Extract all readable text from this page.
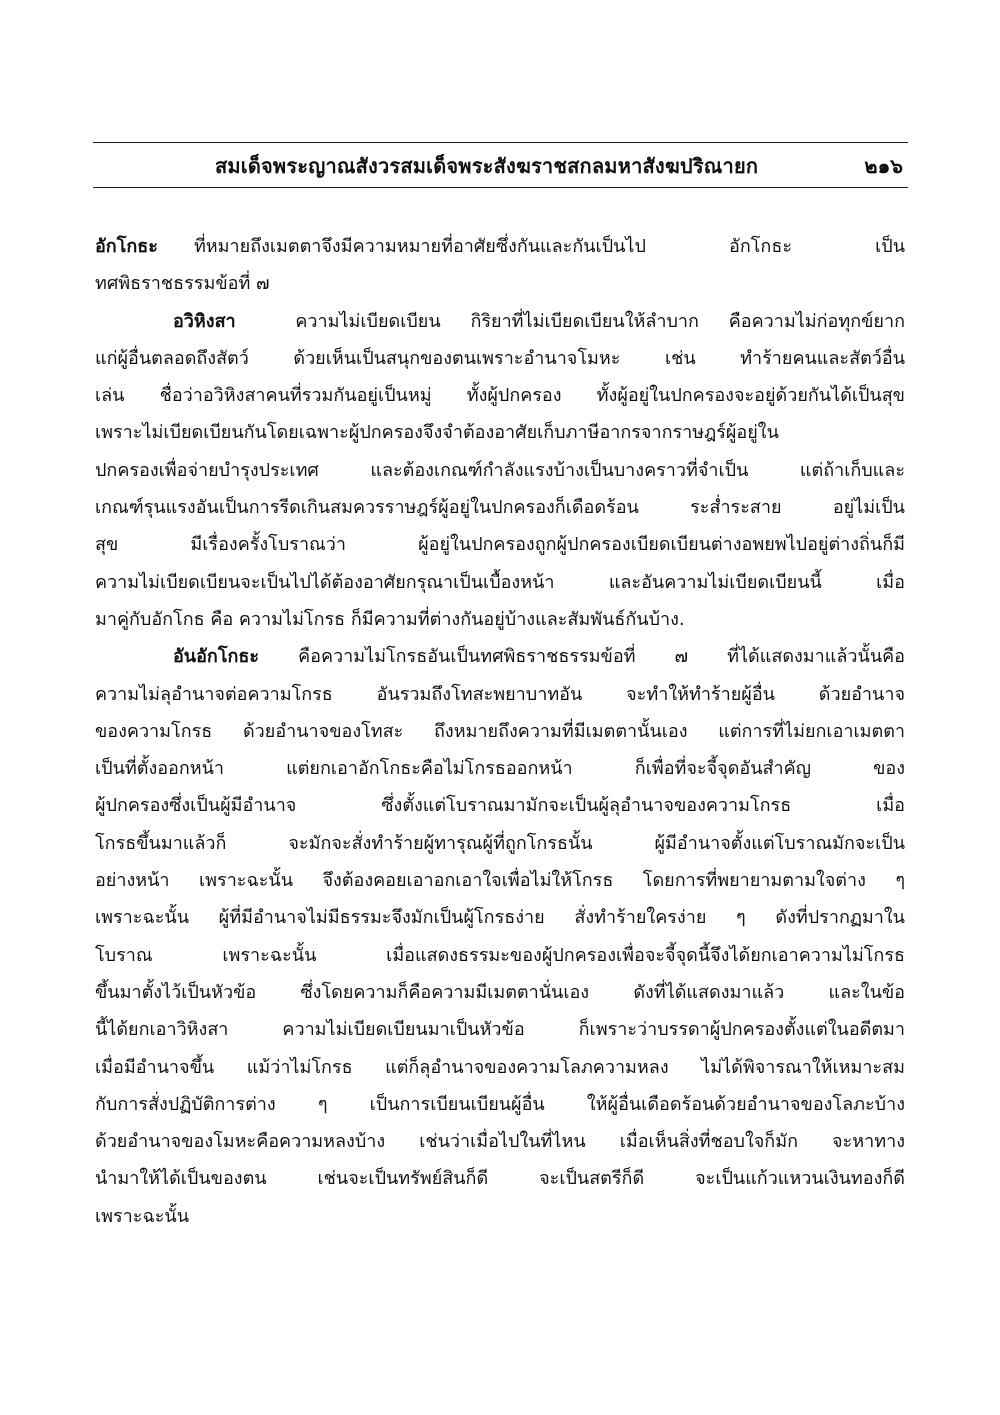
สมเด็จพระญาณสังวรสมเด็จพระสังฆราชสกลมหาสังฆปริณายก	๒๑๖
อักโกธะ ที่หมายถึงเมตตาจึงมีความหมายที่อาศัยซึ่งกันและกันเป็นไป อักโกธะ เป็น
ทศพิธราชธรรมข้อที่ ๗
อวิหิงสา	ความไม่เบียดเบียน กิริยาที่ไม่เบียดเบียนให้ลำบาก คือความไม่ก่อทุกข์ยาก
แก่ผู้อื่นตลอดถึงสัตว์ ด้วยเห็นเป็นสนุกของตนเพราะอำนาจโมหะ เช่น ทำร้ายคนและสัตว์อื่น
เล่น ชื่อว่าอวิหิงสาคนที่รวมกันอยู่เป็นหมู่ ทั้งผู้ปกครอง ทั้งผู้อยู่ในปกครองจะอยู่ด้วยกันได้เป็นสุข
เพราะไม่เบียดเบียนกันโดยเฉพาะผู้ปกครองจึงจำต้องอาศัยเก็บภาษีอากรจากราษฎร์ผู้อยู่ใน
ปกครองเพื่อจ่ายบำรุงประเทศ และต้องเกณฑ์กำลังแรงบ้างเป็นบางคราวที่จำเป็น แต่ถ้าเก็บและ
เกณฑ์รุนแรงอันเป็นการรีดเกินสมควรราษฎร์ผู้อยู่ในปกครองก็เดือดร้อน ระส่ำระสาย อยู่ไม่เป็น
สุข มีเรื่องครั้งโบราณว่า ผู้อยู่ในปกครองถูกผู้ปกครองเบียดเบียนต่างอพยพไปอยู่ต่างถิ่นก็มี
ความไม่เบียดเบียนจะเป็นไปได้ต้องอาศัยกรุณาเป็นเบื้องหน้า และอันความไม่เบียดเบียนนี้ เมื่อ
มาคู่กับอักโกธ คือ ความไม่โกรธ ก็มีความที่ต่างกันอยู่บ้างและสัมพันธ์กันบ้าง.
อันอักโกธะ คือความไม่โกรธอันเป็นทศพิธราชธรรมข้อที่ ๗ ที่ได้แสดงมาแล้วนั้นคือ
ความไม่ลุอำนาจต่อความโกรธ อันรวมถึงโทสะพยาบาทอัน จะทำให้ทำร้ายผู้อื่น ด้วยอำนาจ
ของความโกรธ ด้วยอำนาจของโทสะ ถึงหมายถึงความที่มีเมตตานั้นเอง แต่การที่ไม่ยกเอาเมตตา
เป็นที่ตั้งออกหน้า แต่ยกเอาอักโกธะคือไม่โกรธออกหน้า ก็เพื่อที่จะจี้จุดอันสำคัญ ของ
ผู้ปกครองซึ่งเป็นผู้มีอำนาจ ซึ่งตั้งแต่โบราณมามักจะเป็นผู้ลุอำนาจของความโกรธ เมื่อ
โกรธขึ้นมาแล้วก็ จะมักจะสั่งทำร้ายผู้ทารุณผู้ที่ถูกโกรธนั้น ผู้มีอำนาจตั้งแต่โบราณมักจะเป็น
อย่างหน้า เพราะฉะนั้น จึงต้องคอยเอาอกเอาใจเพื่อไม่ให้โกรธ โดยการที่พยายามตามใจต่าง ๆ
เพราะฉะนั้น ผู้ที่มีอำนาจไม่มีธรรมะจึงมักเป็นผู้โกรธง่าย สั่งทำร้ายใครง่าย ๆ ดังที่ปรากฏมาใน
โบราณ เพราะฉะนั้น เมื่อแสดงธรรมะของผู้ปกครองเพื่อจะจี้จุดนี้จึงได้ยกเอาความไม่โกรธ
ขึ้นมาตั้งไว้เป็นหัวข้อ ซึ่งโดยความก็คือความมีเมตตานั่นเอง ดังที่ได้แสดงมาแล้ว และในข้อ
นี้ได้ยกเอาวิหิงสา ความไม่เบียดเบียนมาเป็นหัวข้อ ก็เพราะว่าบรรดาผู้ปกครองตั้งแต่ในอดีตมา
เมื่อมีอำนาจขึ้น แม้ว่าไม่โกรธ แต่ก็ลุอำนาจของความโลภความหลง ไม่ได้พิจารณาให้เหมาะสม
กับการสั่งปฏิบัติการต่าง ๆ เป็นการเบียนเบียนผู้อื่น ให้ผู้อื่นเดือดร้อนด้วยอำนาจของโลภะบ้าง
ด้วยอำนาจของโมหะคือความหลงบ้าง เช่นว่าเมื่อไปในที่ไหน เมื่อเห็นสิ่งที่ชอบใจก็มัก จะหาทาง
นำมาให้ได้เป็นของตน เช่นจะเป็นทรัพย์สินก็ดี จะเป็นสตรีก็ดี จะเป็นแก้วแหวนเงินทองก็ดี
เพราะฉะนั้น
